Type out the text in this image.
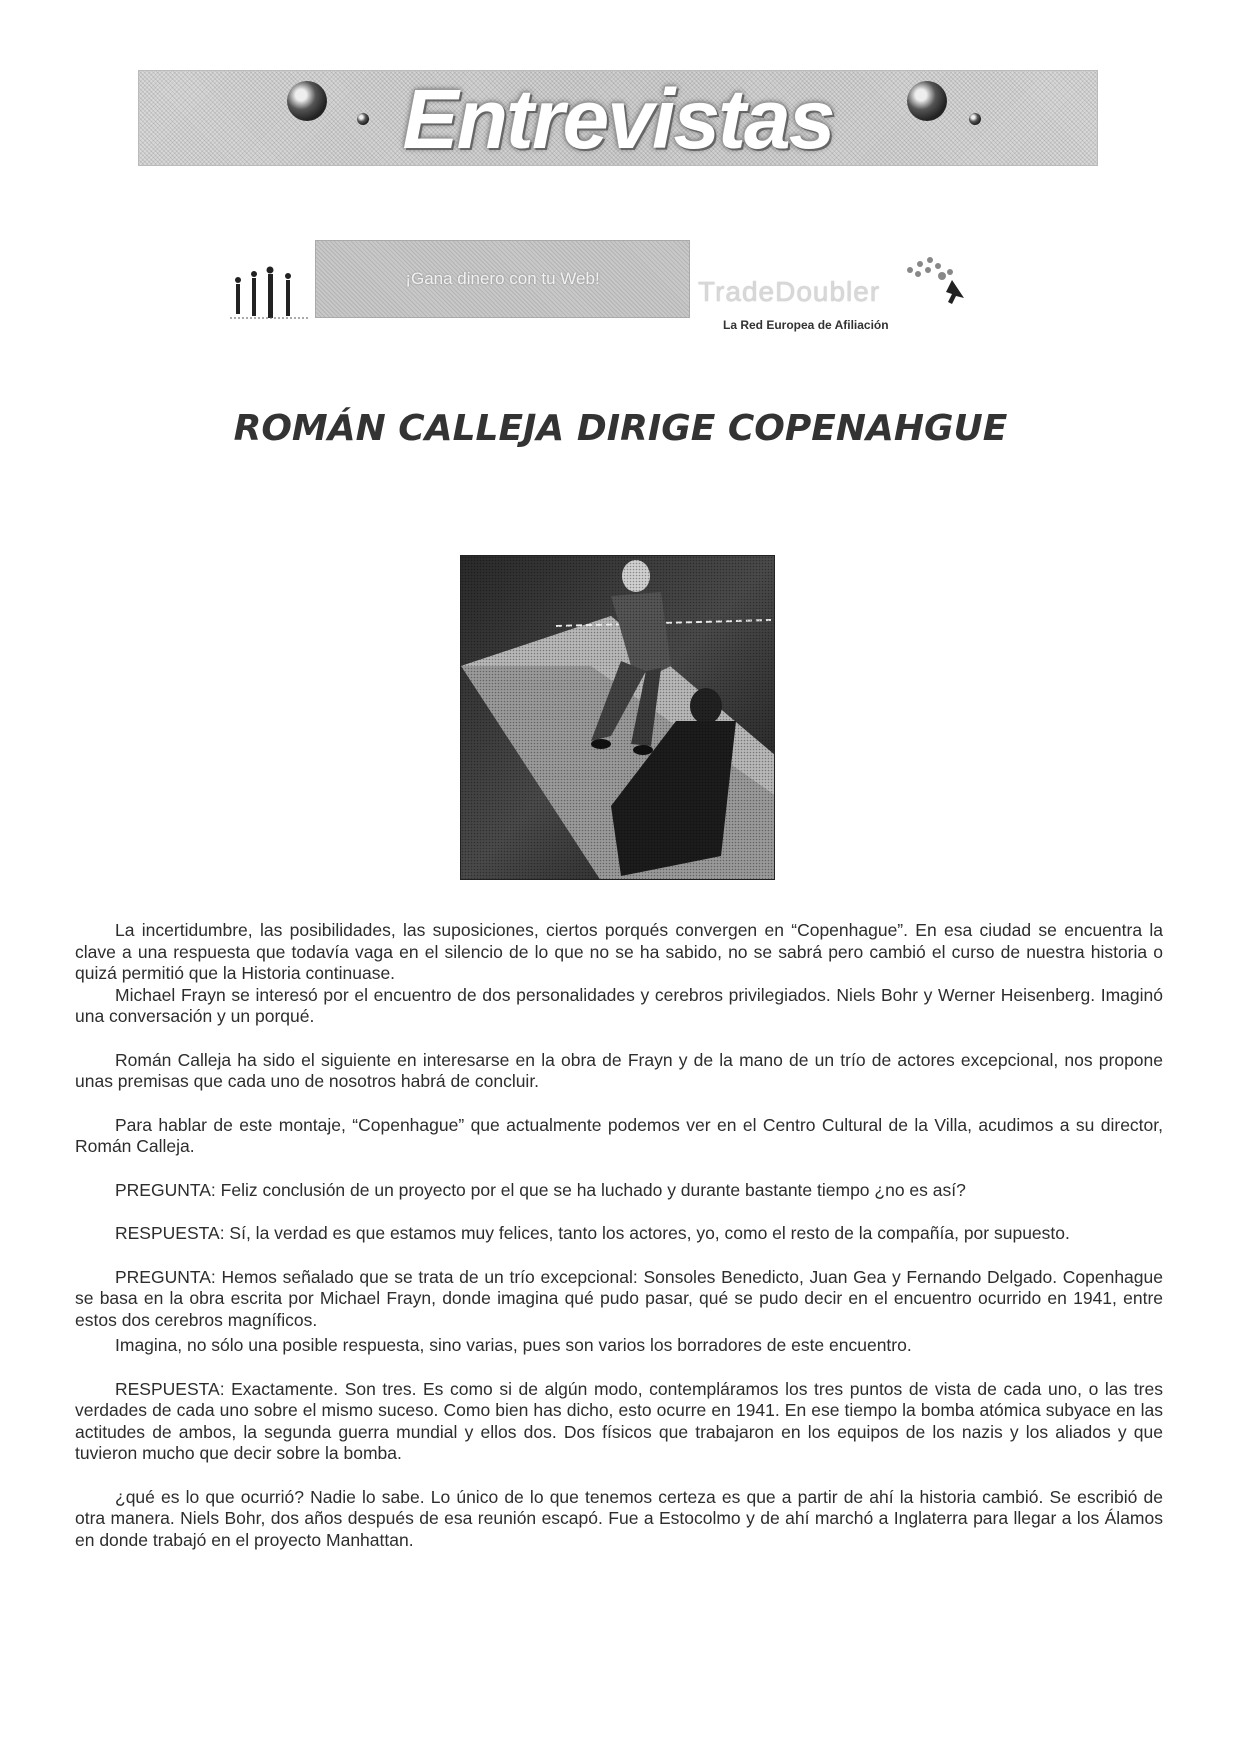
Entrevistas
¡Gana dinero con tu Web!	TradeDoubler
La Red Europea de Afiliación
ROMÁN CALLEJA DIRIGE COPENAHGUE

La incertidumbre, las posibilidades, las suposiciones, ciertos porqués convergen en “Copenhague”. En esa ciudad se encuentra la clave a una respuesta que todavía vaga en el silencio de lo que no se ha sabido, no se sabrá pero cambió el curso de nuestra historia o quizá permitió que la Historia continuase.

Michael Frayn se interesó por el encuentro de dos personalidades y cerebros privilegiados. Niels Bohr y Werner Heisenberg. Imaginó una conversación y un porqué.

Román Calleja ha sido el siguiente en interesarse en la obra de Frayn y de la mano de un trío de actores excepcional, nos propone unas premisas que cada uno de nosotros habrá de concluir.

Para hablar de este montaje, “Copenhague” que actualmente podemos ver en el Centro Cultural de la Villa, acudimos a su director, Román Calleja.

PREGUNTA: Feliz conclusión de un proyecto por el que se ha luchado y durante bastante tiempo ¿no es así?

RESPUESTA: Sí, la verdad es que estamos muy felices, tanto los actores, yo, como el resto de la compañía, por supuesto.

PREGUNTA: Hemos señalado que se trata de un trío excepcional: Sonsoles Benedicto, Juan Gea y Fernando Delgado. Copenhague se basa en la obra escrita por Michael Frayn, donde imagina qué pudo pasar, qué se pudo decir en el encuentro ocurrido en 1941, entre estos dos cerebros magníficos.

Imagina, no sólo una posible respuesta, sino varias, pues son varios los borradores de este encuentro.

RESPUESTA: Exactamente. Son tres. Es como si de algún modo, contempláramos los tres puntos de vista de cada uno, o las tres verdades de cada uno sobre el mismo suceso. Como bien has dicho, esto ocurre en 1941. En ese tiempo la bomba atómica subyace en las actitudes de ambos, la segunda guerra mundial y ellos dos. Dos físicos que trabajaron en los equipos de los nazis y los aliados y que tuvieron mucho que decir sobre la bomba.

¿qué es lo que ocurrió? Nadie lo sabe. Lo único de lo que tenemos certeza es que a partir de ahí la historia cambió. Se escribió de otra manera. Niels Bohr, dos años después de esa reunión escapó. Fue a Estocolmo y de ahí marchó a Inglaterra para llegar a los Álamos en donde trabajó en el proyecto Manhattan.
